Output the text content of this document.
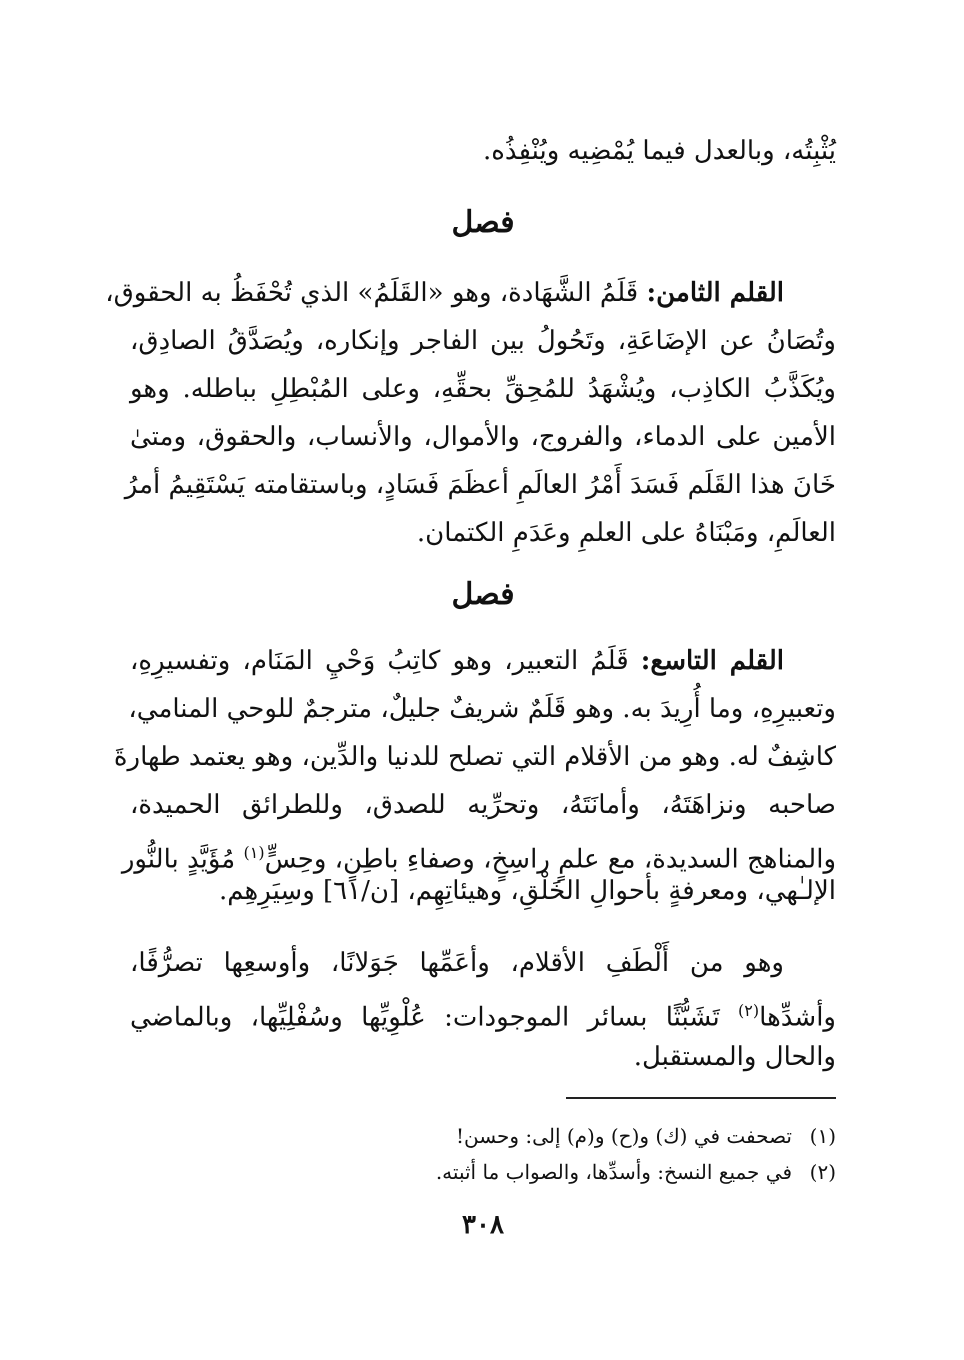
يُثْبِتُه، وبالعدل فيما يُمْضِيه ويُنْفِذُه.
فصل
القلم الثامن: قَلَمُ الشَّهَادة، وهو «القَلَمُ» الذي تُحْفَظُ به الحقوق،
وتُصَانُ عن الإضَاعَةِ، وتَحُولُ بين الفاجر وإنكاره، ويُصَدَّقُ الصادِق،
ويُكَذَّبُ الكاذِب، ويُشْهَدُ للمُحِقِّ بحقِّهِ، وعلى المُبْطِلِ بباطله. وهو
الأمين على الدماء، والفروج، والأموال، والأنساب، والحقوق، ومتىٰ
خَانَ هذا القَلَم فَسَدَ أَمْرُ العالَمِ أعظَمَ فَسَادٍ، وباستقامته يَسْتَقِيمُ أمرُ
العالَمِ، ومَبْنَاهُ على العلمِ وعَدَمِ الكتمان.
فصل
القلم التاسع: قَلَمُ التعبير، وهو كاتِبُ وَحْيِ المَنَام، وتفسيرِهِ،
وتعبيرِهِ، وما أُرِيدَ به. وهو قَلَمٌ شريفٌ جليلٌ، مترجمٌ للوحي المنامي،
كاشِفٌ له. وهو من الأقلام التي تصلح للدنيا والدِّين، وهو يعتمد طهارةَ
صاحبه ونزاهَتَهُ، وأمانَتَهُ، وتحرِّيه للصدق، وللطرائق الحميدة،
والمناهج السديدة، مع علمٍ راسِخٍ، وصفاءِ باطِنٍ، وحِسٍّ$^{(١)}$ مُؤَيَّدٍ بالنُّور
الإلـٰهي، ومعرفةٍ بأحوالِ الخَلْقِ، وهيئاتِهِم، [ن/٦١] وسِيَرِهِم.
وهو من أَلْطَفِ الأقلام، وأعَمِّها جَوَلانًا، وأوسعِها تصرُّفًا،
وأشدِّها$^{(٢)}$ تَشَبُّثًا بسائر الموجودات: عُلْوِيِّها وسُفْلِيِّها، وبالماضي
والحال والمستقبل.
(١)تصحفت في (ك) و(ح) و(م) إلى: وحسن!
(٢)في جميع النسخ: وأسدِّها، والصواب ما أثبته.
٣٠٨
